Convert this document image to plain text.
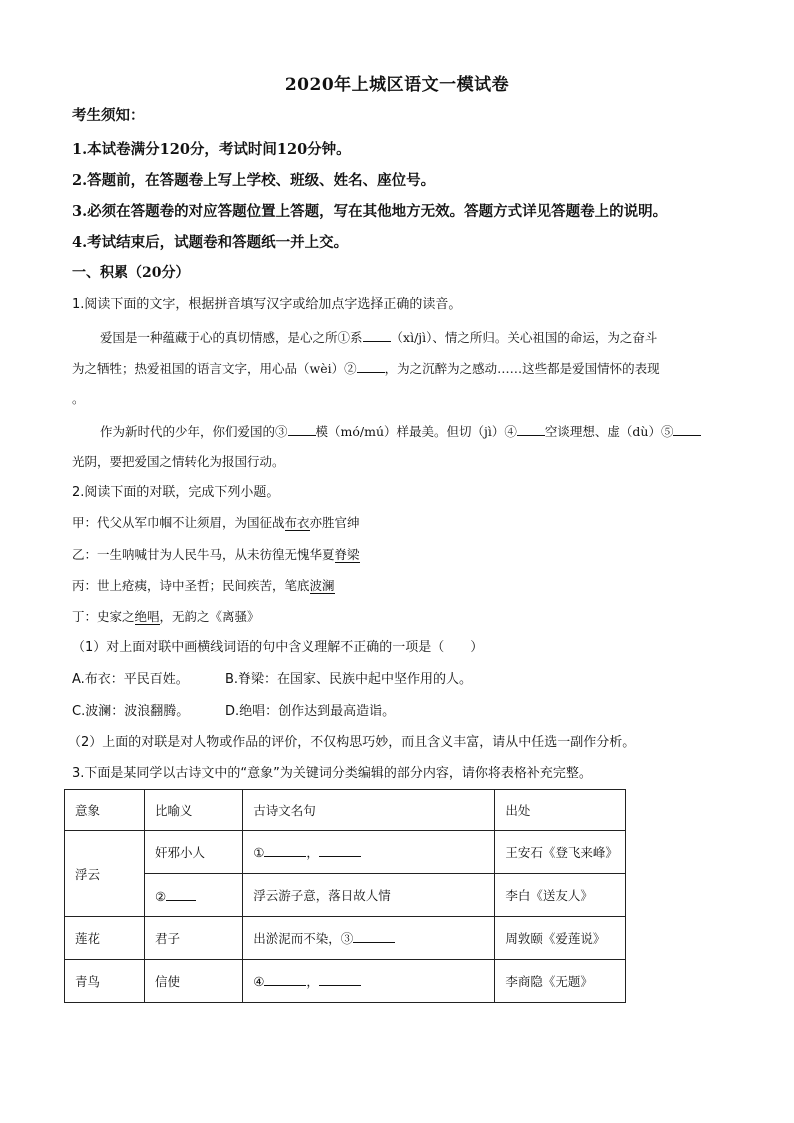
2020年上城区语文一模试卷
考生须知：
1.本试卷满分120分，考试时间120分钟。
2.答题前，在答题卷上写上学校、班级、姓名、座位号。
3.必须在答题卷的对应答题位置上答题，写在其他地方无效。答题方式详见答题卷上的说明。
4.考试结束后，试题卷和答题纸一并上交。
一、积累（20分）
1.阅读下面的文字，根据拼音填写汉字或给加点字选择正确的读音。
爱国是一种蕴藏于心的真切情感，是心之所①系 （xì/jì）、情之所归。关心祖国的命运，为之奋斗
为之牺牲；热爱祖国的语言文字，用心品（wèi）② ，为之沉醉为之感动……这些都是爱国情怀的表现
。
作为新时代的少年，你们爱国的③ 模（mó/mú）样最美。但切（jì）④ 空谈理想、虚（dù）⑤
光阴，要把爱国之情转化为报国行动。
2.阅读下面的对联，完成下列小题。
甲：代父从军巾帼不让须眉，为国征战布衣亦胜官绅
乙：一生呐喊甘为人民牛马，从未彷徨无愧华夏脊梁
丙：世上疮痍，诗中圣哲；民间疾苦，笔底波澜
丁：史家之绝唱，无韵之《离骚》
（1）对上面对联中画横线词语的句中含义理解不正确的一项是（　　）
A.布衣：平民百姓。	B.脊梁：在国家、民族中起中坚作用的人。
C.波澜：波浪翻腾。	D.绝唱：创作达到最高造诣。
（2）上面的对联是对人物或作品的评价，不仅构思巧妙，而且含义丰富，请从中任选一副作分析。
3.下面是某同学以古诗文中的“意象”为关键词分类编辑的部分内容，请你将表格补充完整。
意象	比喻义	古诗文名句	出处
浮云	奸邪小人	① ，	王安石《登飞来峰》
	②	浮云游子意，落日故人情	李白《送友人》
莲花	君子	出淤泥而不染，③	周敦颐《爱莲说》
青鸟	信使	④ ，	李商隐《无题》
